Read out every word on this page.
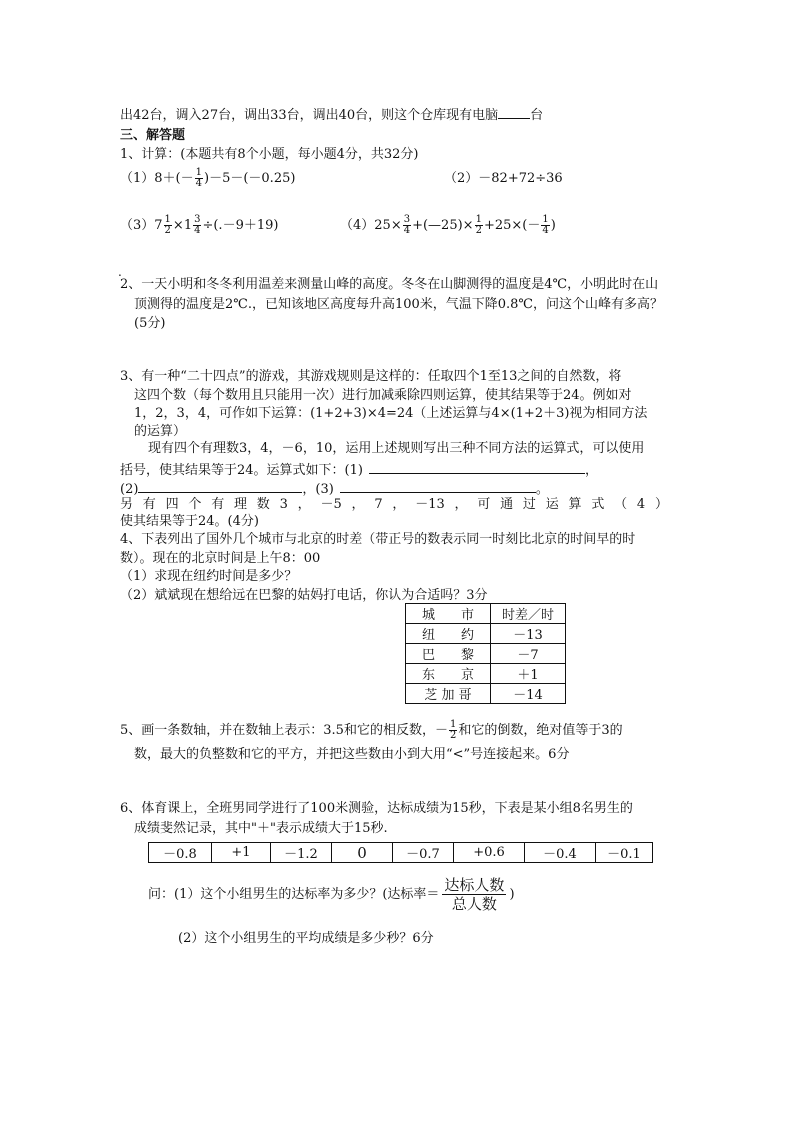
出42台，调入27台，调出33台，调出40台，则这个仓库现有电脑 台
三、解答题
1、计算：(本题共有8个小题，每小题4分，共32分)
$(1)8+(- \frac{1}{4} )-5-(-0.25)$	（2）－82+72÷36
$(3)7 \frac{1}{2} \times 1 \frac{3}{4} \div(.-9+19)$	$(4)25\times \frac{3}{4}$ +(—25)× $\frac{1}{2} +25\times(- \frac{1}{4}$ )
.
2、一天小明和冬冬利用温差来测量山峰的高度。冬冬在山脚测得的温度是4℃，小明此时在山
顶测得的温度是2℃.，已知该地区高度每升高100米，气温下降0.8℃，问这个山峰有多高？
(5分)
3、有一种“二十四点”的游戏，其游戏规则是这样的：任取四个1至13之间的自然数，将
这四个数（每个数用且只能用一次）进行加减乘除四则运算，使其结果等于24。例如对
1，2，3，4，可作如下运算：(1+2+3)×4=24（上述运算与4×(1+2＋3)视为相同方法
的运算）
现有四个有理数3，4，－6，10，运用上述规则写出三种不同方法的运算式，可以使用
括号，使其结果等于24。运算式如下：(1)	，
(2)	，(3)	。
另有四个有理数3，－5，7，－13，可通过运算式（4）
使其结果等于24。(4分)
4、下表列出了国外几个城市与北京的时差（带正号的数表示同一时刻比北京的时间早的时
数）。现在的北京时间是上午8：00
（1）求现在纽约时间是多少？
（2）斌斌现在想给远在巴黎的姑妈打电话，你认为合适吗？3分
城　　市	时差／时
纽　　约	－13
巴　　黎	－7
东　　京	＋1
芝 加 哥	－14
5、画一条数轴，并在数轴上表示：3.5和它的相反数，－ $\frac{1}{2}$ 和它的倒数，绝对值等于3的
数，最大的负整数和它的平方，并把这些数由小到大用“<”号连接起来。6分
6、体育课上，全班男同学进行了100米测验，达标成绩为15秒，下表是某小组8名男生的
成绩斐然记录，其中"＋"表示成绩大于15秒.
－0.8	+1	－1.2	0	－0.7	+0.6	－0.4	－0.1
问：(1）这个小组男生的达标率为多少？(达标率＝
达标人数
总人数
)
(2）这个小组男生的平均成绩是多少秒？6分
